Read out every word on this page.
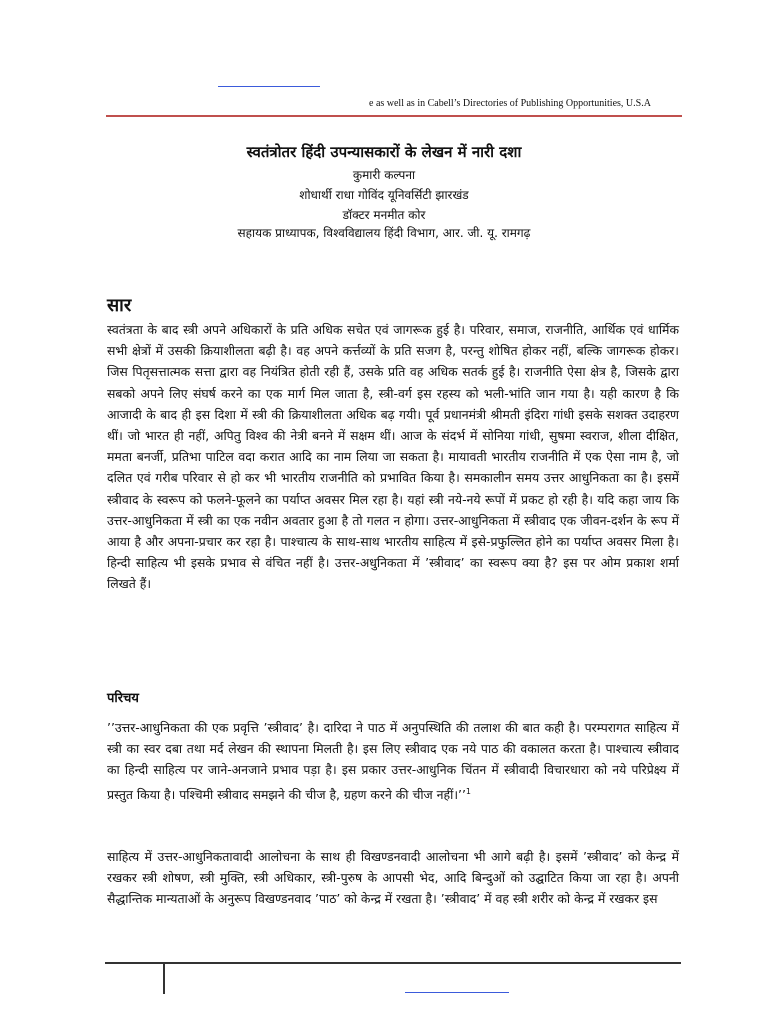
e as well as in Cabell’s Directories of Publishing Opportunities, U.S.A
स्वतंत्रोतर हिंदी उपन्यासकारों के लेखन में नारी दशा
कुमारी कल्पना
शोधार्थी राधा गोविंद यूनिवर्सिटी झारखंड
डॉक्टर मनमीत कोर
सहायक प्राध्यापक, विश्वविद्यालय हिंदी विभाग, आर. जी. यू. रामगढ़
सार

स्वतंत्रता के बाद स्त्री अपने अधिकारों के प्रति अधिक सचेत एवं जागरूक हुई है। परिवार, समाज, राजनीति, आर्थिक एवं धार्मिक सभी क्षेत्रों में उसकी क्रियाशीलता बढ़ी है। वह अपने कर्त्तव्यों के प्रति सजग है, परन्तु शोषित होकर नहीं, बल्कि जागरूक होकर। जिस पितृसत्तात्मक सत्ता द्वारा वह नियंत्रित होती रही हैं, उसके प्रति वह अधिक सतर्क हुई है। राजनीति ऐसा क्षेत्र है, जिसके द्वारा सबको अपने लिए संघर्ष करने का एक मार्ग मिल जाता है, स्त्री-वर्ग इस रहस्य को भली-भांति जान गया है। यही कारण है कि आजादी के बाद ही इस दिशा में स्त्री की क्रियाशीलता अधिक बढ़ गयी। पूर्व प्रधानमंत्री श्रीमती इंदिरा गांधी इसके सशक्त उदाहरण थीं। जो भारत ही नहीं, अपितु विश्व की नेत्री बनने में सक्षम थीं। आज के संदर्भ में सोनिया गांधी, सुषमा स्वराज, शीला दीक्षित, ममता बनर्जी, प्रतिभा पाटिल वदा करात आदि का नाम लिया जा सकता है। मायावती भारतीय राजनीति में एक ऐसा नाम है, जो दलित एवं गरीब परिवार से हो कर भी भारतीय राजनीति को प्रभावित किया है। समकालीन समय उत्तर आधुनिकता का है। इसमें स्त्रीवाद के स्वरूप को फलने-फूलने का पर्याप्त अवसर मिल रहा है। यहां स्त्री नये-नये रूपों में प्रकट हो रही है। यदि कहा जाय कि उत्तर-आधुनिकता में स्त्री का एक नवीन अवतार हुआ है तो गलत न होगा। उत्तर-आधुनिकता में स्त्रीवाद एक जीवन-दर्शन के रूप में आया है और अपना-प्रचार कर रहा है। पाश्चात्य के साथ-साथ भारतीय साहित्य में इसे-प्रफुल्लित होने का पर्याप्त अवसर मिला है। हिन्दी साहित्य भी इसके प्रभाव से वंचित नहीं है। उत्तर-अधुनिकता में ’स्त्रीवाद’ का स्वरूप क्या है? इस पर ओम प्रकाश शर्मा लिखते हैं।

परिचय

’’उत्तर-आधुनिकता की एक प्रवृत्ति ’स्त्रीवाद’ है। दारिदा ने पाठ में अनुपस्थिति की तलाश की बात कही है। परम्परागत साहित्य में स्त्री का स्वर दबा तथा मर्द लेखन की स्थापना मिलती है। इस लिए स्त्रीवाद एक नये पाठ की वकालत करता है। पाश्चात्य स्त्रीवाद का हिन्दी साहित्य पर जाने-अनजाने प्रभाव पड़ा है। इस प्रकार उत्तर-आधुनिक चिंतन में स्त्रीवादी विचारधारा को नये परिप्रेक्ष्य में प्रस्तुत किया है। पश्चिमी स्त्रीवाद समझने की चीज है, ग्रहण करने की चीज नहीं।’’$^1$

साहित्य में उत्तर-आधुनिकतावादी आलोचना के साथ ही विखण्डनवादी आलोचना भी आगे बढ़ी है। इसमें ’स्त्रीवाद’ को केन्द्र में रखकर स्त्री शोषण, स्त्री मुक्ति, स्त्री अधिकार, स्त्री-पुरुष के आपसी भेद, आदि बिन्दुओं को उद्घाटित किया जा रहा है। अपनी सैद्धान्तिक मान्यताओं के अनुरूप विखण्डनवाद ’पाठ’ को केन्द्र में रखता है। ’स्त्रीवाद’ में वह स्त्री शरीर को केन्द्र में रखकर इस
